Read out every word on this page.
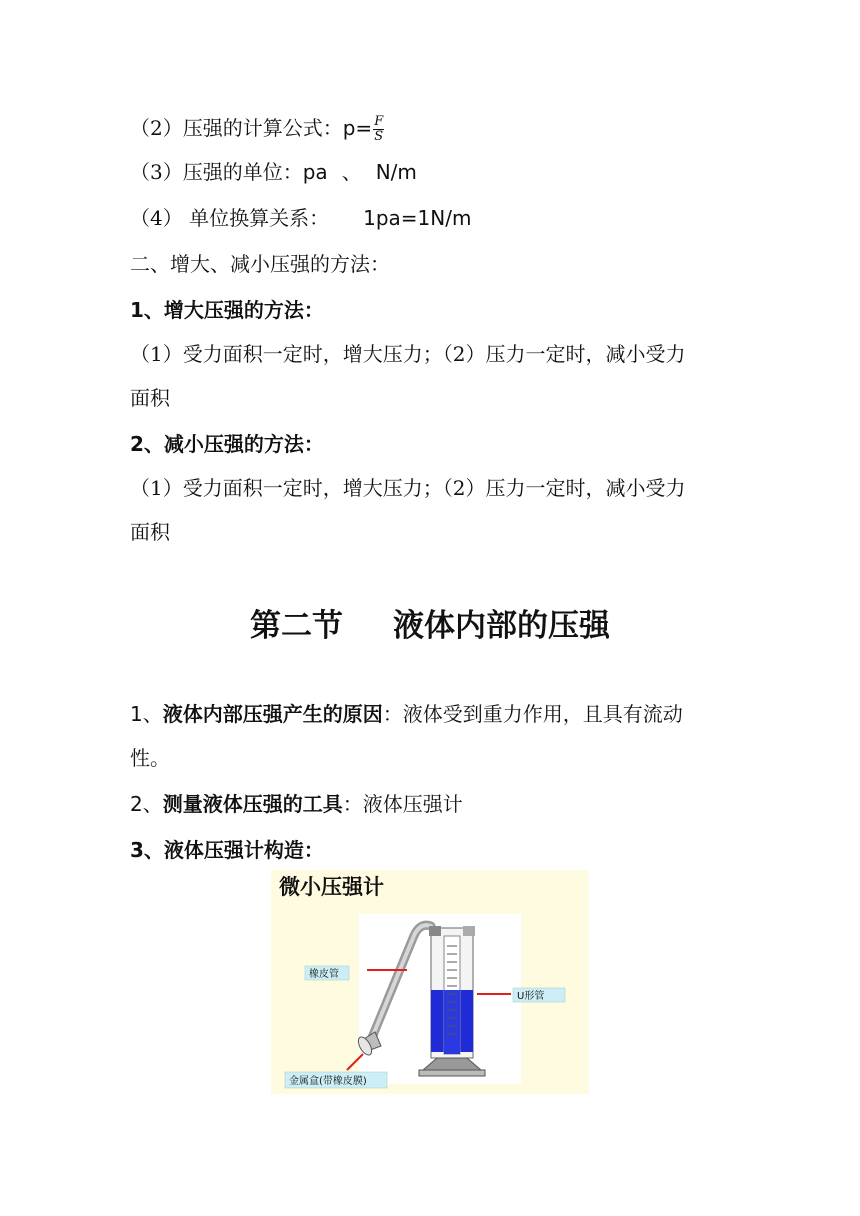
（2）压强的计算公式：$p= \frac{F}{S}$
（3）压强的单位：pa 、 N/m
（4） 单位换算关系： 1pa=1N/m
二、增大、减小压强的方法：
1、增大压强的方法：
（1）受力面积一定时，增大压力；（2）压力一定时，减小受力
面积
2、减小压强的方法：
（1）受力面积一定时，增大压力；（2）压力一定时，减小受力
面积
第二节 液体内部的压强
1、液体内部压强产生的原因：液体受到重力作用，且具有流动
性。
2、测量液体压强的工具：液体压强计
3、液体压强计构造：
微小压强计
橡皮管
U形管
金属盒(带橡皮膜)
